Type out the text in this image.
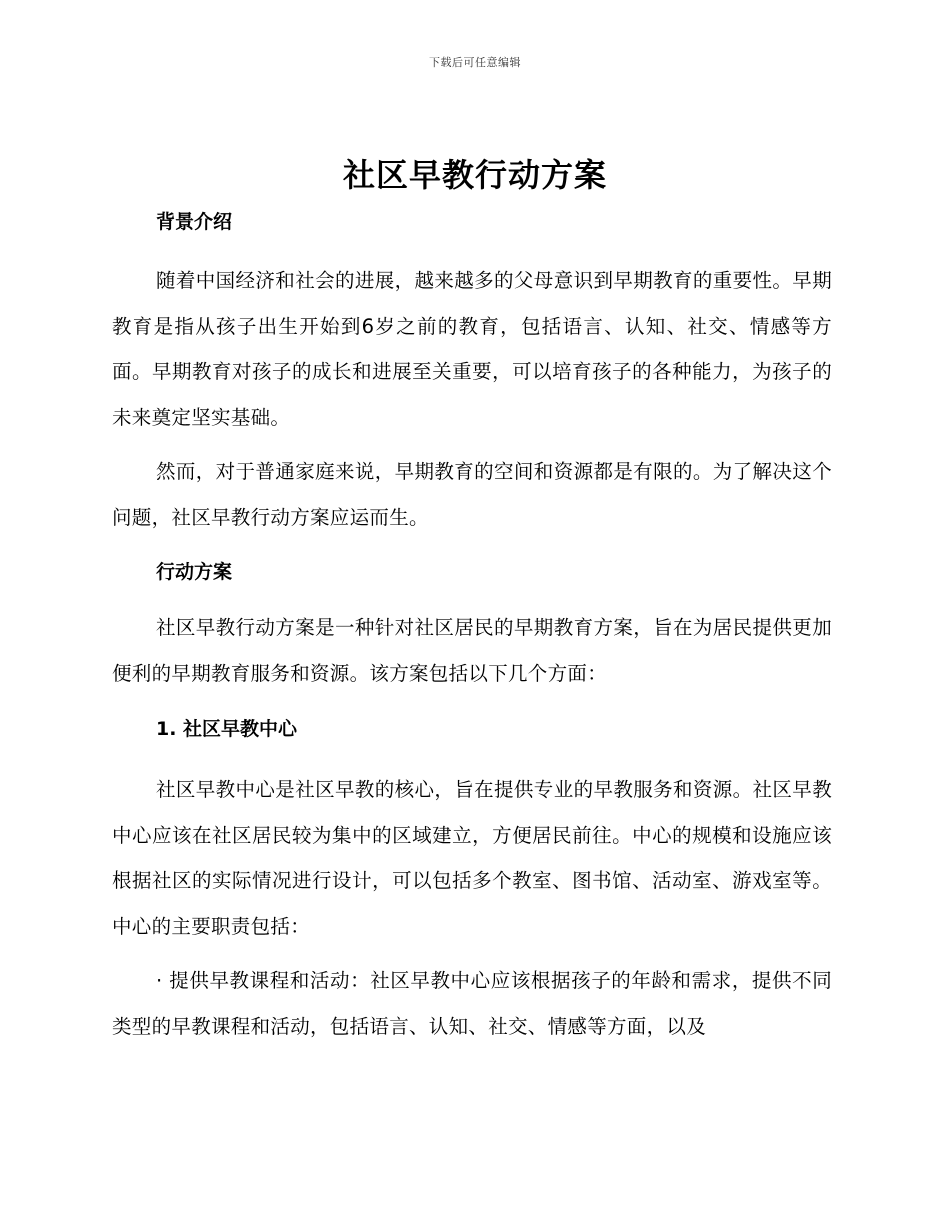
下载后可任意编辑
社区早教行动方案

背景介绍

随着中国经济和社会的进展，越来越多的父母意识到早期教育的重要性。早期教育是指从孩子出生开始到6岁之前的教育，包括语言、认知、社交、情感等方面。早期教育对孩子的成长和进展至关重要，可以培育孩子的各种能力，为孩子的未来奠定坚实基础。

然而，对于普通家庭来说，早期教育的空间和资源都是有限的。为了解决这个问题，社区早教行动方案应运而生。

行动方案

社区早教行动方案是一种针对社区居民的早期教育方案，旨在为居民提供更加便利的早期教育服务和资源。该方案包括以下几个方面：

1. 社区早教中心

社区早教中心是社区早教的核心，旨在提供专业的早教服务和资源。社区早教中心应该在社区居民较为集中的区域建立，方便居民前往。中心的规模和设施应该根据社区的实际情况进行设计，可以包括多个教室、图书馆、活动室、游戏室等。中心的主要职责包括：

· 提供早教课程和活动：社区早教中心应该根据孩子的年龄和需求，提供不同类型的早教课程和活动，包括语言、认知、社交、情感等方面，以及
